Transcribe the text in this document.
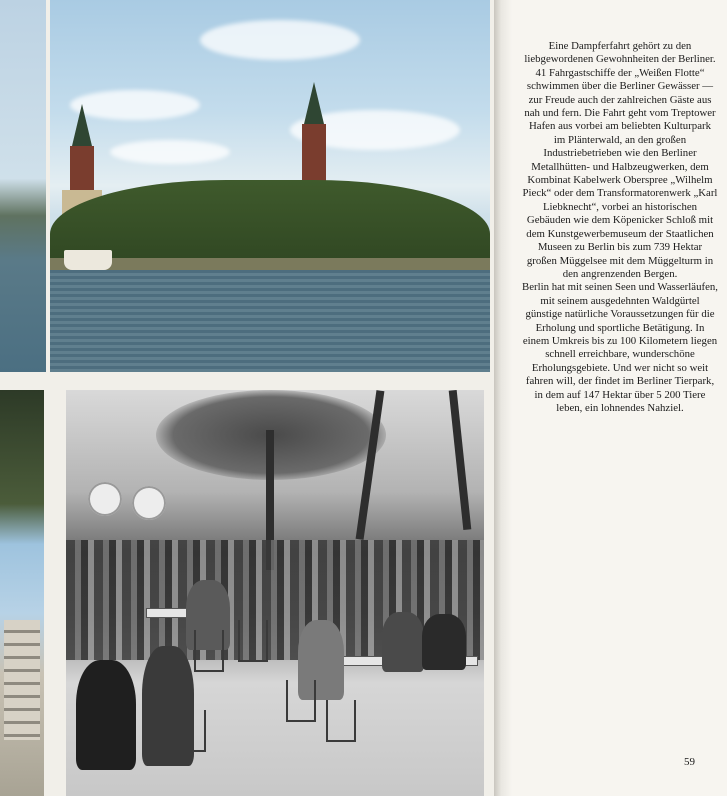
Eine Dampferfahrt gehört zu den liebgewordenen Gewohnheiten der Berliner. 41 Fahrgastschiffe der „Weißen Flotte“ schwimmen über die Berliner Gewässer — zur Freude auch der zahlreichen Gäste aus nah und fern. Die Fahrt geht vom Treptower Hafen aus vorbei am beliebten Kulturpark im Plänterwald, an den großen Industriebetrieben wie den Berliner Metallhütten- und Halbzeugwerken, dem Kombinat Kabelwerk Oberspree „Wilhelm Pieck“ oder dem Transformatorenwerk „Karl Liebknecht“, vorbei an historischen Gebäuden wie dem Köpenicker Schloß mit dem Kunstgewerbemuseum der Staatlichen Museen zu Berlin bis zum 739 Hektar großen Müggelsee mit dem Müggelturm in den angrenzenden Bergen.

Berlin hat mit seinen Seen und Wasserläufen, mit seinem ausgedehnten Waldgürtel günstige natürliche Voraussetzungen für die Erholung und sportliche Betätigung. In einem Umkreis bis zu 100 Kilometern liegen schnell erreichbare, wunderschöne Erholungsgebiete. Und wer nicht so weit fahren will, der findet im Berliner Tierpark, in dem auf 147 Hektar über 5 200 Tiere leben, ein lohnendes Nahziel.

59
